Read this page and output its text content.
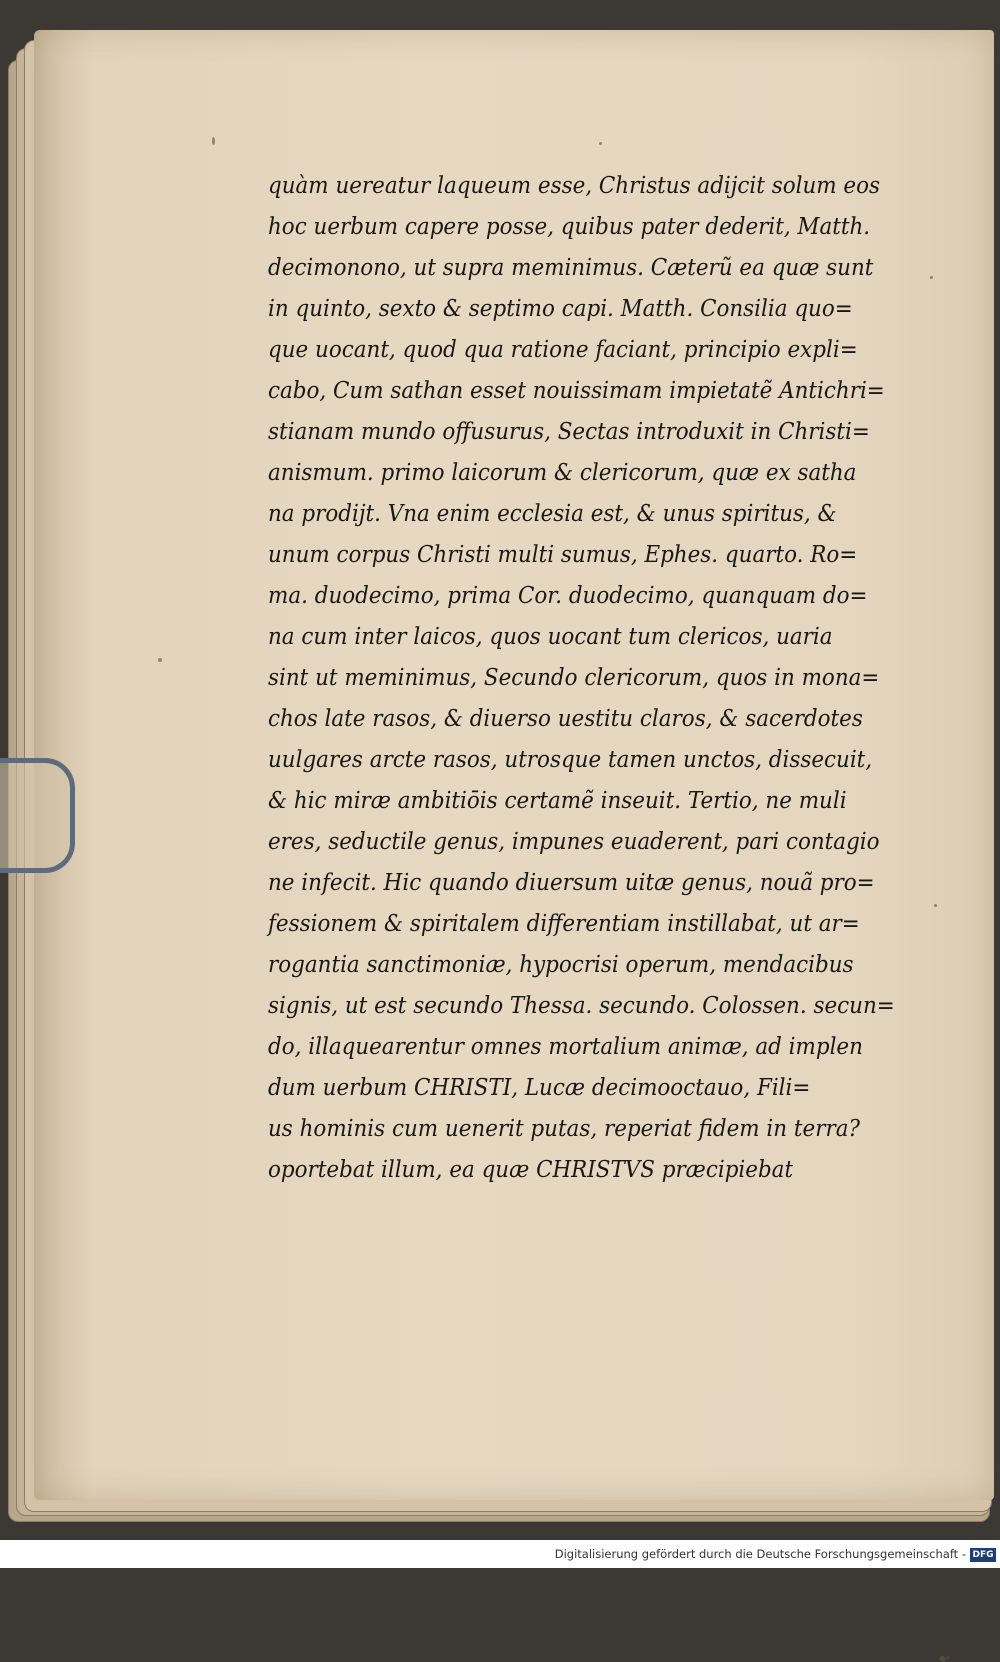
quàm uereatur laqueum esse, Christus adijcit solum eos
hoc uerbum capere posse, quibus pater dederit, Matth.
decimonono, ut supra meminimus. Cæterũ ea quæ sunt
in quinto, sexto & septimo capi. Matth. Consilia quo=
que uocant, quod qua ratione faciant, principio expli=
cabo, Cum sathan esset nouissimam impietatẽ Antichri=
stianam mundo offusurus, Sectas introduxit in Christi=
anismum. primo laicorum & clericorum, quæ ex satha
na prodijt. Vna enim ecclesia est, & unus spiritus, &
unum corpus Christi multi sumus, Ephes. quarto. Ro=
ma. duodecimo, prima Cor. duodecimo, quanquam do=
na cum inter laicos, quos uocant tum clericos, uaria
sint ut meminimus, Secundo clericorum, quos in mona=
chos late rasos, & diuerso uestitu claros, & sacerdotes
uulgares arcte rasos, utrosque tamen unctos, dissecuit,
& hic miræ ambitiōis certamẽ inseuit. Tertio, ne muli
eres, seductile genus, impunes euaderent, pari contagio
ne infecit. Hic quando diuersum uitæ genus, nouã pro=
fessionem & spiritalem differentiam instillabat, ut ar=
rogantia sanctimoniæ, hypocrisi operum, mendacibus
signis, ut est secundo Thessa. secundo. Colossen. secun=
do, illaquearentur omnes mortalium animæ, ad implen
dum uerbum CHRISTI, Lucæ decimooctauo, Fili=
us hominis cum uenerit putas, reperiat fidem in terra?
oportebat illum, ea quæ CHRISTVS præcipiebat
Digitalisierung gefördert durch die Deutsche Forschungsgemeinschaft - DFG
